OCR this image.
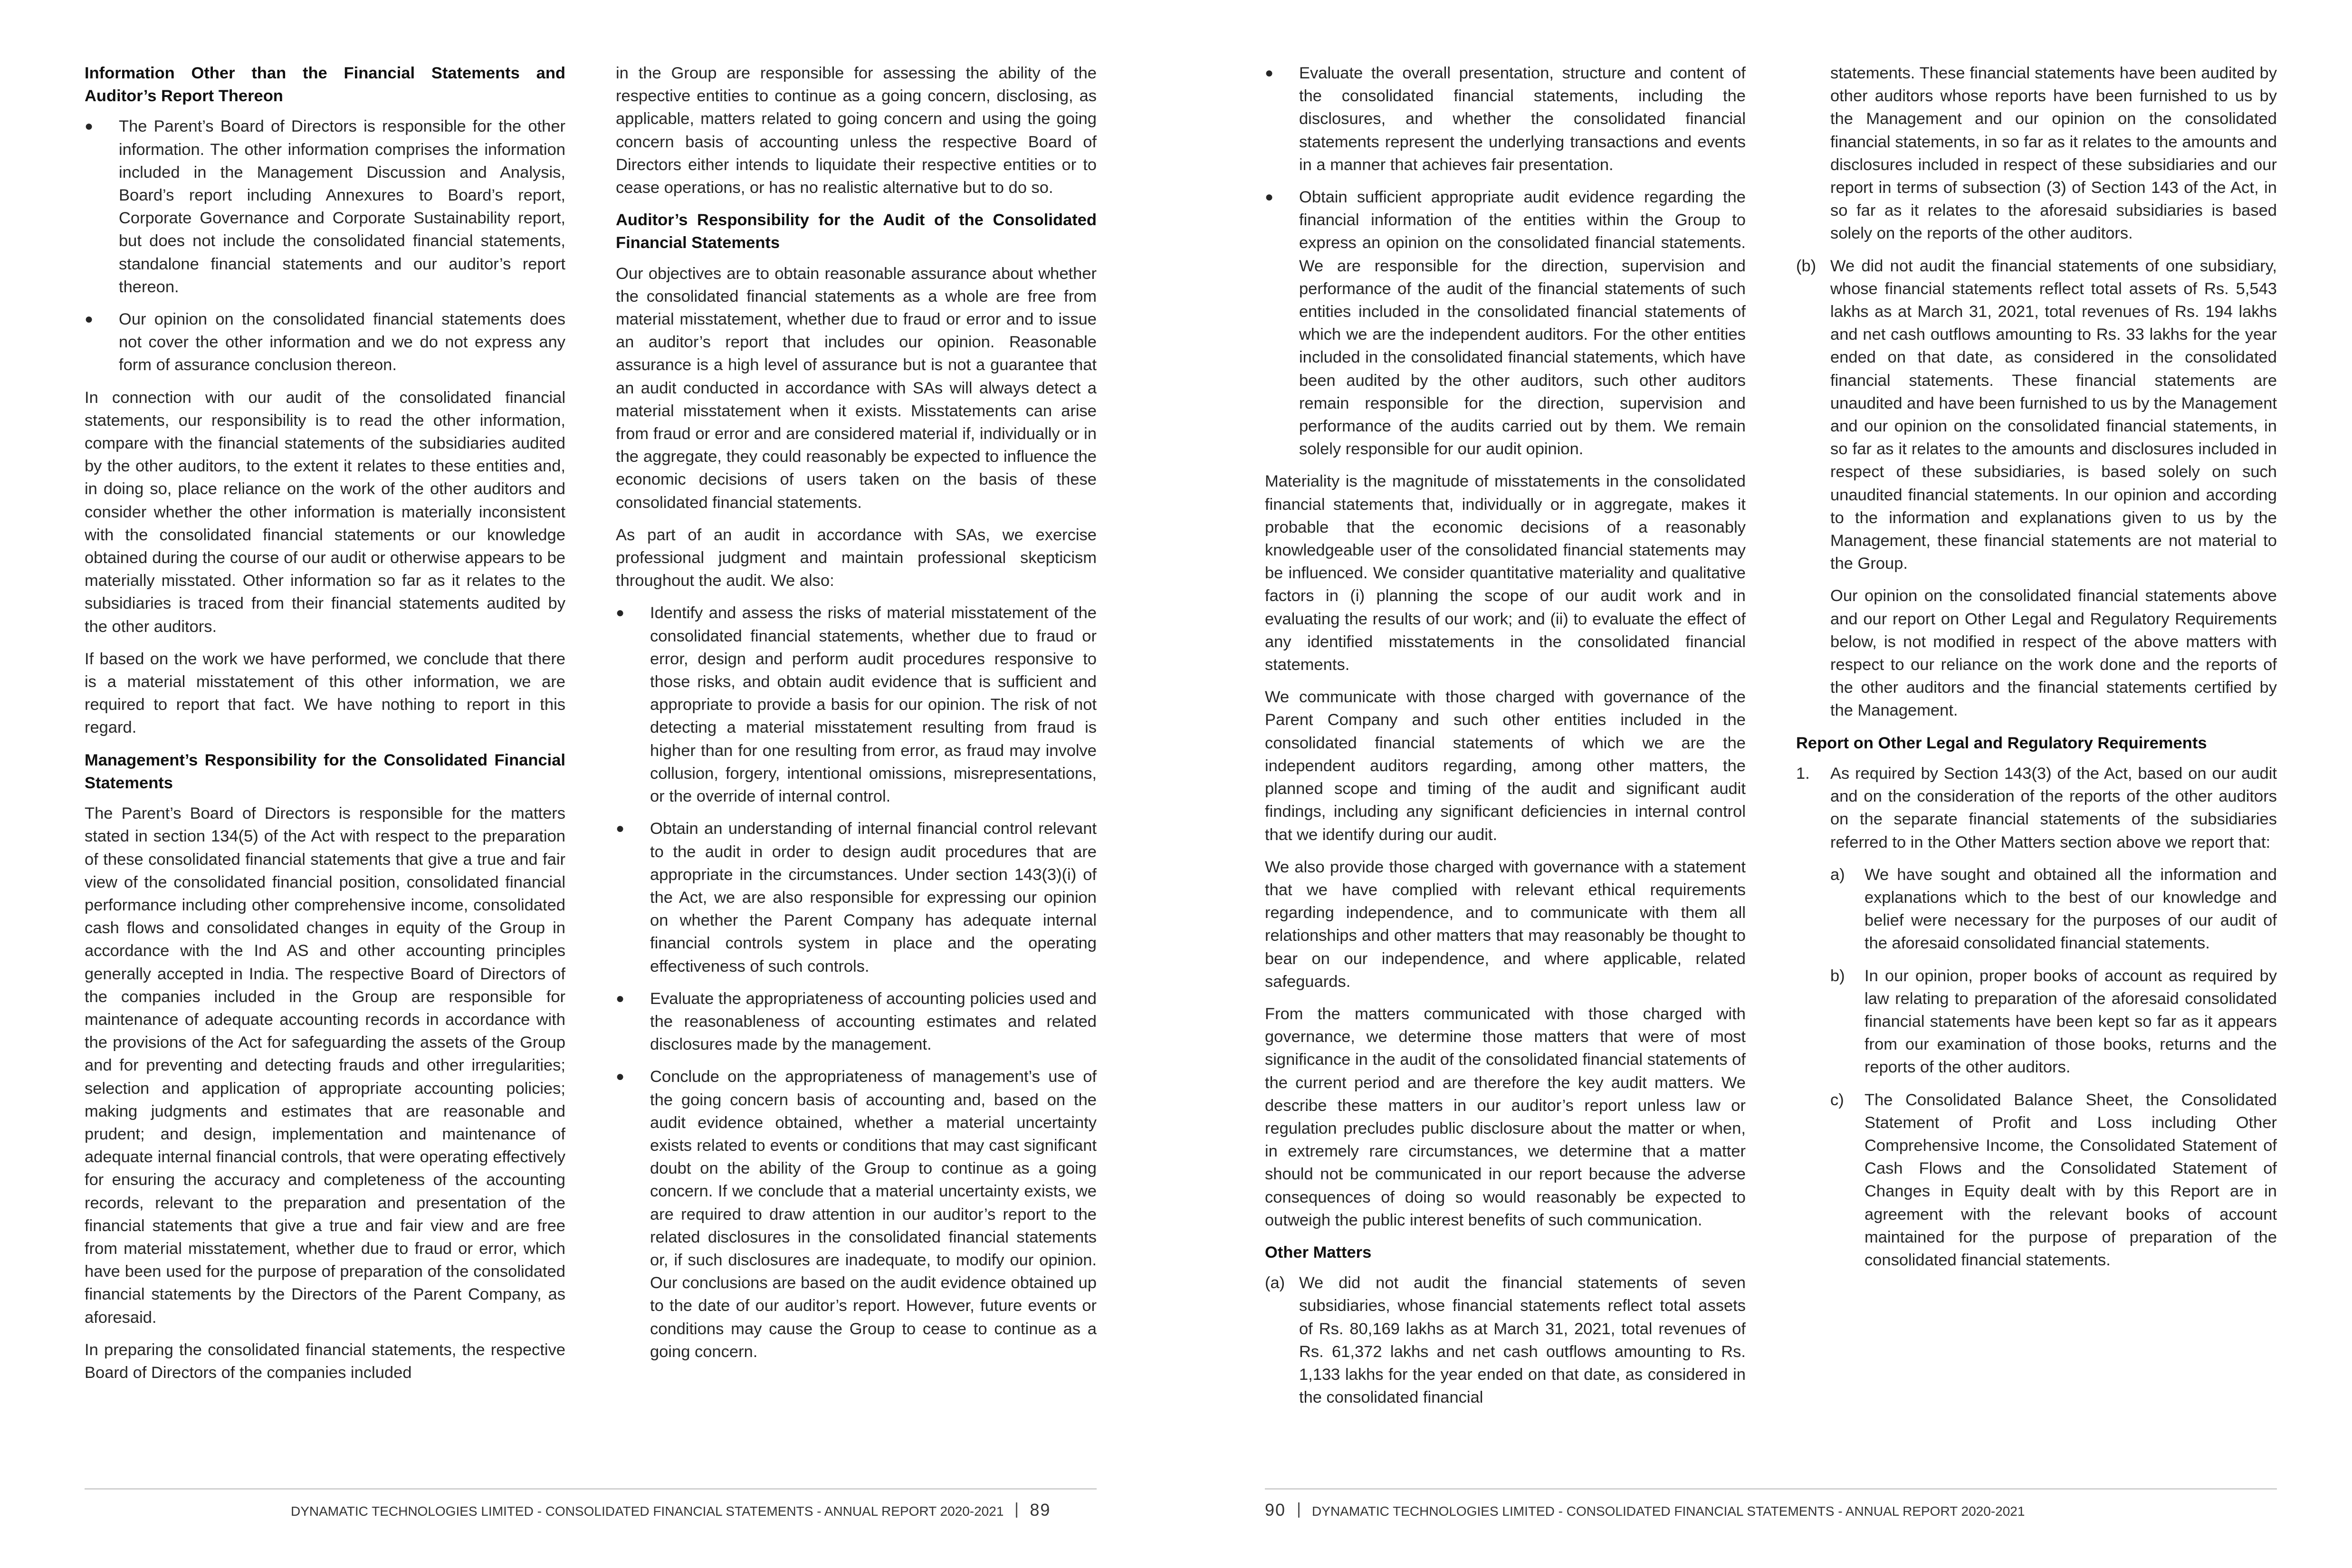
Information Other than the Financial Statements and Auditor’s Report Thereon
● The Parent’s Board of Directors is responsible for the other information. The other information comprises the information included in the Management Discussion and Analysis, Board’s report including Annexures to Board’s report, Corporate Governance and Corporate Sustainability report, but does not include the consolidated financial statements, standalone financial statements and our auditor’s report thereon.
● Our opinion on the consolidated financial statements does not cover the other information and we do not express any form of assurance conclusion thereon.

In connection with our audit of the consolidated financial statements, our responsibility is to read the other information, compare with the financial statements of the subsidiaries audited by the other auditors, to the extent it relates to these entities and, in doing so, place reliance on the work of the other auditors and consider whether the other information is materially inconsistent with the consolidated financial statements or our knowledge obtained during the course of our audit or otherwise appears to be materially misstated. Other information so far as it relates to the subsidiaries is traced from their financial statements audited by the other auditors.

If based on the work we have performed, we conclude that there is a material misstatement of this other information, we are required to report that fact. We have nothing to report in this regard.

Management’s Responsibility for the Consolidated Financial Statements

The Parent’s Board of Directors is responsible for the matters stated in section 134(5) of the Act with respect to the preparation of these consolidated financial statements that give a true and fair view of the consolidated financial position, consolidated financial performance including other comprehensive income, consolidated cash flows and consolidated changes in equity of the Group in accordance with the Ind AS and other accounting principles generally accepted in India. The respective Board of Directors of the companies included in the Group are responsible for maintenance of adequate accounting records in accordance with the provisions of the Act for safeguarding the assets of the Group and for preventing and detecting frauds and other irregularities; selection and application of appropriate accounting policies; making judgments and estimates that are reasonable and prudent; and design, implementation and maintenance of adequate internal financial controls, that were operating effectively for ensuring the accuracy and completeness of the accounting records, relevant to the preparation and presentation of the financial statements that give a true and fair view and are free from material misstatement, whether due to fraud or error, which have been used for the purpose of preparation of the consolidated financial statements by the Directors of the Parent Company, as aforesaid.

In preparing the consolidated financial statements, the respective Board of Directors of the companies included

in the Group are responsible for assessing the ability of the respective entities to continue as a going concern, disclosing, as applicable, matters related to going concern and using the going concern basis of accounting unless the respective Board of Directors either intends to liquidate their respective entities or to cease operations, or has no realistic alternative but to do so.

Auditor’s Responsibility for the Audit of the Consolidated Financial Statements

Our objectives are to obtain reasonable assurance about whether the consolidated financial statements as a whole are free from material misstatement, whether due to fraud or error and to issue an auditor’s report that includes our opinion. Reasonable assurance is a high level of assurance but is not a guarantee that an audit conducted in accordance with SAs will always detect a material misstatement when it exists. Misstatements can arise from fraud or error and are considered material if, individually or in the aggregate, they could reasonably be expected to influence the economic decisions of users taken on the basis of these consolidated financial statements.

As part of an audit in accordance with SAs, we exercise professional judgment and maintain professional skepticism throughout the audit. We also:

● Identify and assess the risks of material misstatement of the consolidated financial statements, whether due to fraud or error, design and perform audit procedures responsive to those risks, and obtain audit evidence that is sufficient and appropriate to provide a basis for our opinion. The risk of not detecting a material misstatement resulting from fraud is higher than for one resulting from error, as fraud may involve collusion, forgery, intentional omissions, misrepresentations, or the override of internal control.
● Obtain an understanding of internal financial control relevant to the audit in order to design audit procedures that are appropriate in the circumstances. Under section 143(3)(i) of the Act, we are also responsible for expressing our opinion on whether the Parent Company has adequate internal financial controls system in place and the operating effectiveness of such controls.
● Evaluate the appropriateness of accounting policies used and the reasonableness of accounting estimates and related disclosures made by the management.
● Conclude on the appropriateness of management’s use of the going concern basis of accounting and, based on the audit evidence obtained, whether a material uncertainty exists related to events or conditions that may cast significant doubt on the ability of the Group to continue as a going concern. If we conclude that a material uncertainty exists, we are required to draw attention in our auditor’s report to the related disclosures in the consolidated financial statements or, if such disclosures are inadequate, to modify our opinion. Our conclusions are based on the audit evidence obtained up to the date of our auditor’s report. However, future events or conditions may cause the Group to cease to continue as a going concern.
DYNAMATIC TECHNOLOGIES LIMITED - CONSOLIDATED FINANCIAL STATEMENTS - ANNUAL REPORT 2020-2021 89
● Evaluate the overall presentation, structure and content of the consolidated financial statements, including the disclosures, and whether the consolidated financial statements represent the underlying transactions and events in a manner that achieves fair presentation.
● Obtain sufficient appropriate audit evidence regarding the financial information of the entities within the Group to express an opinion on the consolidated financial statements. We are responsible for the direction, supervision and performance of the audit of the financial statements of such entities included in the consolidated financial statements of which we are the independent auditors. For the other entities included in the consolidated financial statements, which have been audited by the other auditors, such other auditors remain responsible for the direction, supervision and performance of the audits carried out by them. We remain solely responsible for our audit opinion.

Materiality is the magnitude of misstatements in the consolidated financial statements that, individually or in aggregate, makes it probable that the economic decisions of a reasonably knowledgeable user of the consolidated financial statements may be influenced. We consider quantitative materiality and qualitative factors in (i) planning the scope of our audit work and in evaluating the results of our work; and (ii) to evaluate the effect of any identified misstatements in the consolidated financial statements.

We communicate with those charged with governance of the Parent Company and such other entities included in the consolidated financial statements of which we are the independent auditors regarding, among other matters, the planned scope and timing of the audit and significant audit findings, including any significant deficiencies in internal control that we identify during our audit.

We also provide those charged with governance with a statement that we have complied with relevant ethical requirements regarding independence, and to communicate with them all relationships and other matters that may reasonably be thought to bear on our independence, and where applicable, related safeguards.

From the matters communicated with those charged with governance, we determine those matters that were of most significance in the audit of the consolidated financial statements of the current period and are therefore the key audit matters. We describe these matters in our auditor’s report unless law or regulation precludes public disclosure about the matter or when, in extremely rare circumstances, we determine that a matter should not be communicated in our report because the adverse consequences of doing so would reasonably be expected to outweigh the public interest benefits of such communication.

Other Matters
(a) We did not audit the financial statements of seven subsidiaries, whose financial statements reflect total assets of Rs. 80,169 lakhs as at March 31, 2021, total revenues of Rs. 61,372 lakhs and net cash outflows amounting to Rs. 1,133 lakhs for the year ended on that date, as considered in the consolidated financial

statements. These financial statements have been audited by other auditors whose reports have been furnished to us by the Management and our opinion on the consolidated financial statements, in so far as it relates to the amounts and disclosures included in respect of these subsidiaries and our report in terms of subsection (3) of Section 143 of the Act, in so far as it relates to the aforesaid subsidiaries is based solely on the reports of the other auditors.

(b) We did not audit the financial statements of one subsidiary, whose financial statements reflect total assets of Rs. 5,543 lakhs as at March 31, 2021, total revenues of Rs. 194 lakhs and net cash outflows amounting to Rs. 33 lakhs for the year ended on that date, as considered in the consolidated financial statements. These financial statements are unaudited and have been furnished to us by the Management and our opinion on the consolidated financial statements, in so far as it relates to the amounts and disclosures included in respect of these subsidiaries, is based solely on such unaudited financial statements. In our opinion and according to the information and explanations given to us by the Management, these financial statements are not material to the Group.

Our opinion on the consolidated financial statements above and our report on Other Legal and Regulatory Requirements below, is not modified in respect of the above matters with respect to our reliance on the work done and the reports of the other auditors and the financial statements certified by the Management.

Report on Other Legal and Regulatory Requirements
1. As required by Section 143(3) of the Act, based on our audit and on the consideration of the reports of the other auditors on the separate financial statements of the subsidiaries referred to in the Other Matters section above we report that:
a) We have sought and obtained all the information and explanations which to the best of our knowledge and belief were necessary for the purposes of our audit of the aforesaid consolidated financial statements.
b) In our opinion, proper books of account as required by law relating to preparation of the aforesaid consolidated financial statements have been kept so far as it appears from our examination of those books, returns and the reports of the other auditors.
c) The Consolidated Balance Sheet, the Consolidated Statement of Profit and Loss including Other Comprehensive Income, the Consolidated Statement of Cash Flows and the Consolidated Statement of Changes in Equity dealt with by this Report are in agreement with the relevant books of account maintained for the purpose of preparation of the consolidated financial statements.
90 DYNAMATIC TECHNOLOGIES LIMITED - CONSOLIDATED FINANCIAL STATEMENTS - ANNUAL REPORT 2020-2021
